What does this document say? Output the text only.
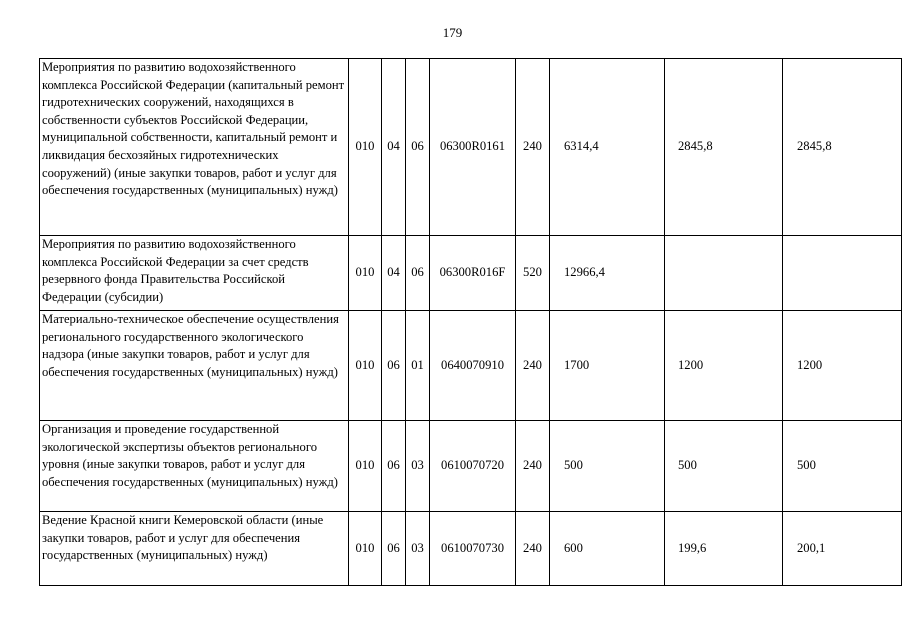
179
Мероприятия по развитию водохозяйственного комплекса Российской Федерации (капитальный ремонт гидротехнических сооружений, находящихся в собственности субъектов Российской Федерации, муниципальной собственности, капитальный ремонт и ликвидация бесхозяйных гидротехнических сооружений) (иные закупки товаров, работ и услуг для обеспечения государственных (муниципальных) нужд)	010	04	06	06300R0161	240	6314,4	2845,8	2845,8
Мероприятия по развитию водохозяйственного комплекса Российской Федерации за счет средств резервного фонда Правительства Российской Федерации (субсидии)	010	04	06	06300R016F	520	12966,4		
Материально-техническое обеспечение осуществления регионального государственного экологического надзора (иные закупки товаров, работ и услуг для обеспечения государственных (муниципальных) нужд)	010	06	01	0640070910	240	1700	1200	1200
Организация и проведение государственной экологической экспертизы объектов регионального уровня (иные закупки товаров, работ и услуг для обеспечения государственных (муниципальных) нужд)	010	06	03	0610070720	240	500	500	500
Ведение Красной книги Кемеровской области (иные закупки товаров, работ и услуг для обеспечения государственных (муниципальных) нужд)	010	06	03	0610070730	240	600	199,6	200,1
